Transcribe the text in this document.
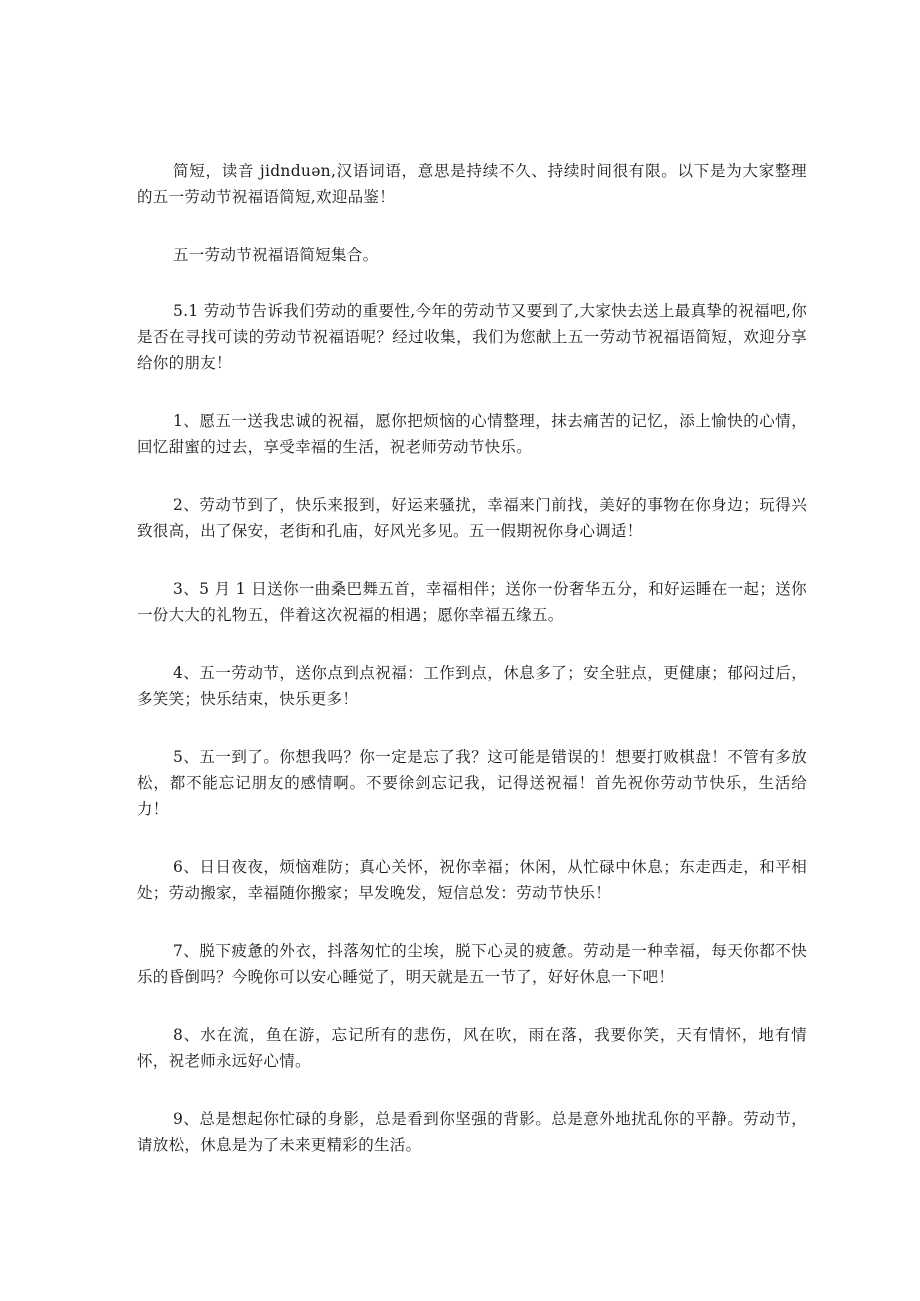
简短，读音 jidnduǝn,汉语词语，意思是持续不久、持续时间很有限。以下是为大家整理的五一劳动节祝福语简短,欢迎品鉴！

五一劳动节祝福语简短集合。

5.1 劳动节告诉我们劳动的重要性,今年的劳动节又要到了,大家快去送上最真挚的祝福吧,你是否在寻找可读的劳动节祝福语呢？经过收集，我们为您献上五一劳动节祝福语简短，欢迎分享给你的朋友！

1、愿五一送我忠诚的祝福，愿你把烦恼的心情整理，抹去痛苦的记忆，添上愉快的心情，回忆甜蜜的过去，享受幸福的生活，祝老师劳动节快乐。

2、劳动节到了，快乐来报到，好运来骚扰，幸福来门前找，美好的事物在你身边；玩得兴致很高，出了保安，老街和孔庙，好风光多见。五一假期祝你身心调适！

3、5 月 1 日送你一曲桑巴舞五首，幸福相伴；送你一份奢华五分，和好运睡在一起；送你一份大大的礼物五，伴着这次祝福的相遇；愿你幸福五缘五。

4、五一劳动节，送你点到点祝福：工作到点，休息多了；安全驻点，更健康；郁闷过后，多笑笑；快乐结束，快乐更多！

5、五一到了。你想我吗？你一定是忘了我？这可能是错误的！想要打败棋盘！不管有多放松，都不能忘记朋友的感情啊。不要徐剑忘记我，记得送祝福！首先祝你劳动节快乐，生活给力！

6、日日夜夜，烦恼难防；真心关怀，祝你幸福；休闲，从忙碌中休息；东走西走，和平相处；劳动搬家，幸福随你搬家；早发晚发，短信总发：劳动节快乐！

7、脱下疲惫的外衣，抖落匆忙的尘埃，脱下心灵的疲惫。劳动是一种幸福，每天你都不快乐的昏倒吗？今晚你可以安心睡觉了，明天就是五一节了，好好休息一下吧！

8、水在流，鱼在游，忘记所有的悲伤，风在吹，雨在落，我要你笑，天有情怀，地有情怀，祝老师永远好心情。

9、总是想起你忙碌的身影，总是看到你坚强的背影。总是意外地扰乱你的平静。劳动节，请放松，休息是为了未来更精彩的生活。
